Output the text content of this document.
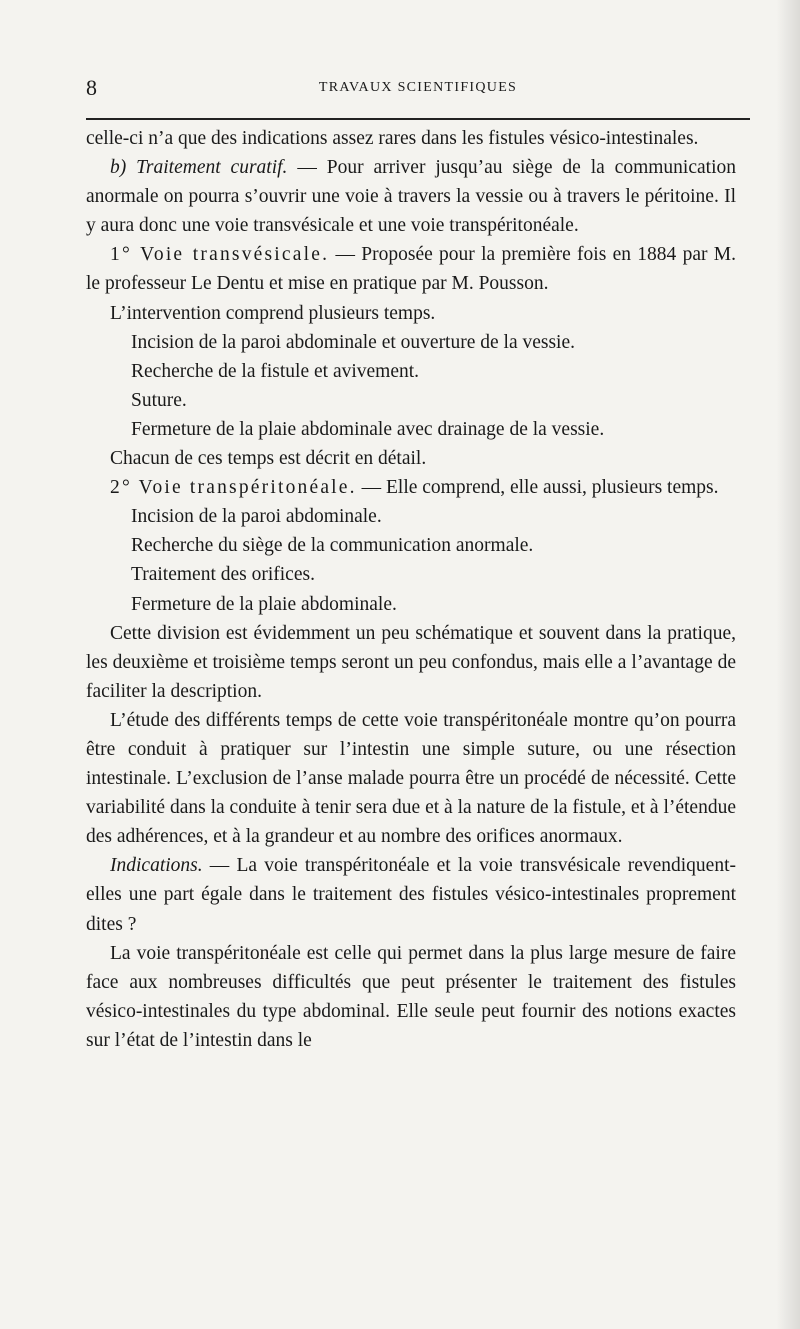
8	TRAVAUX SCIENTIFIQUES

celle-ci n’a que des indications assez rares dans les fistules vésico-intestinales.

b) Traitement curatif. — Pour arriver jusqu’au siège de la communication anormale on pourra s’ouvrir une voie à travers la vessie ou à travers le péritoine. Il y aura donc une voie transvésicale et une voie transpéritonéale.

1° Voie transvésicale. — Proposée pour la première fois en 1884 par M. le professeur Le Dentu et mise en pratique par M. Pousson.

L’intervention comprend plusieurs temps.

Incision de la paroi abdominale et ouverture de la vessie.

Recherche de la fistule et avivement.

Suture.

Fermeture de la plaie abdominale avec drainage de la vessie.

Chacun de ces temps est décrit en détail.

2° Voie transpéritonéale. — Elle comprend, elle aussi, plusieurs temps.

Incision de la paroi abdominale.

Recherche du siège de la communication anormale.

Traitement des orifices.

Fermeture de la plaie abdominale.

Cette division est évidemment un peu schématique et souvent dans la pratique, les deuxième et troisième temps seront un peu confondus, mais elle a l’avantage de faciliter la description.

L’étude des différents temps de cette voie transpéritonéale montre qu’on pourra être conduit à pratiquer sur l’intestin une simple suture, ou une résection intestinale. L’exclusion de l’anse malade pourra être un procédé de nécessité. Cette variabilité dans la conduite à tenir sera due et à la nature de la fistule, et à l’étendue des adhérences, et à la grandeur et au nombre des orifices anormaux.

Indications. — La voie transpéritonéale et la voie transvésicale revendiquent-elles une part égale dans le traitement des fistules vésico-intestinales proprement dites ?

La voie transpéritonéale est celle qui permet dans la plus large mesure de faire face aux nombreuses difficultés que peut présenter le traitement des fistules vésico-intestinales du type abdominal. Elle seule peut fournir des notions exactes sur l’état de l’intestin dans le
